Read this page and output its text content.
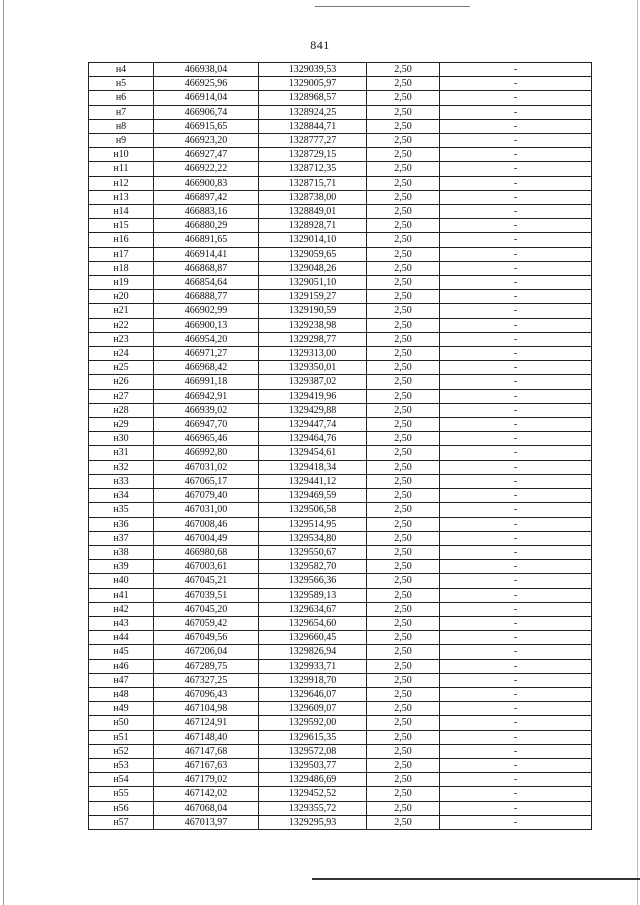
841
н4	466938,04	1329039,53	2,50	-
н5	466925,96	1329005,97	2,50	-
н6	466914,04	1328968,57	2,50	-
н7	466906,74	1328924,25	2,50	-
н8	466915,65	1328844,71	2,50	-
н9	466923,20	1328777,27	2,50	-
н10	466927,47	1328729,15	2,50	-
н11	466922,22	1328712,35	2,50	-
н12	466900,83	1328715,71	2,50	-
н13	466897,42	1328738,00	2,50	-
н14	466883,16	1328849,01	2,50	-
н15	466880,29	1328928,71	2,50	-
н16	466891,65	1329014,10	2,50	-
н17	466914,41	1329059,65	2,50	-
н18	466868,87	1329048,26	2,50	-
н19	466854,64	1329051,10	2,50	-
н20	466888,77	1329159,27	2,50	-
н21	466902,99	1329190,59	2,50	-
н22	466900,13	1329238,98	2,50	-
н23	466954,20	1329298,77	2,50	-
н24	466971,27	1329313,00	2,50	-
н25	466968,42	1329350,01	2,50	-
н26	466991,18	1329387,02	2,50	-
н27	466942,91	1329419,96	2,50	-
н28	466939,02	1329429,88	2,50	-
н29	466947,70	1329447,74	2,50	-
н30	466965,46	1329464,76	2,50	-
н31	466992,80	1329454,61	2,50	-
н32	467031,02	1329418,34	2,50	-
н33	467065,17	1329441,12	2,50	-
н34	467079,40	1329469,59	2,50	-
н35	467031,00	1329506,58	2,50	-
н36	467008,46	1329514,95	2,50	-
н37	467004,49	1329534,80	2,50	-
н38	466980,68	1329550,67	2,50	-
н39	467003,61	1329582,70	2,50	-
н40	467045,21	1329566,36	2,50	-
н41	467039,51	1329589,13	2,50	-
н42	467045,20	1329634,67	2,50	-
н43	467059,42	1329654,60	2,50	-
н44	467049,56	1329660,45	2,50	-
н45	467206,04	1329826,94	2,50	-
н46	467289,75	1329933,71	2,50	-
н47	467327,25	1329918,70	2,50	-
н48	467096,43	1329646,07	2,50	-
н49	467104,98	1329609,07	2,50	-
н50	467124,91	1329592,00	2,50	-
н51	467148,40	1329615,35	2,50	-
н52	467147,68	1329572,08	2,50	-
н53	467167,63	1329503,77	2,50	-
н54	467179,02	1329486,69	2,50	-
н55	467142,02	1329452,52	2,50	-
н56	467068,04	1329355,72	2,50	-
н57	467013,97	1329295,93	2,50	-
